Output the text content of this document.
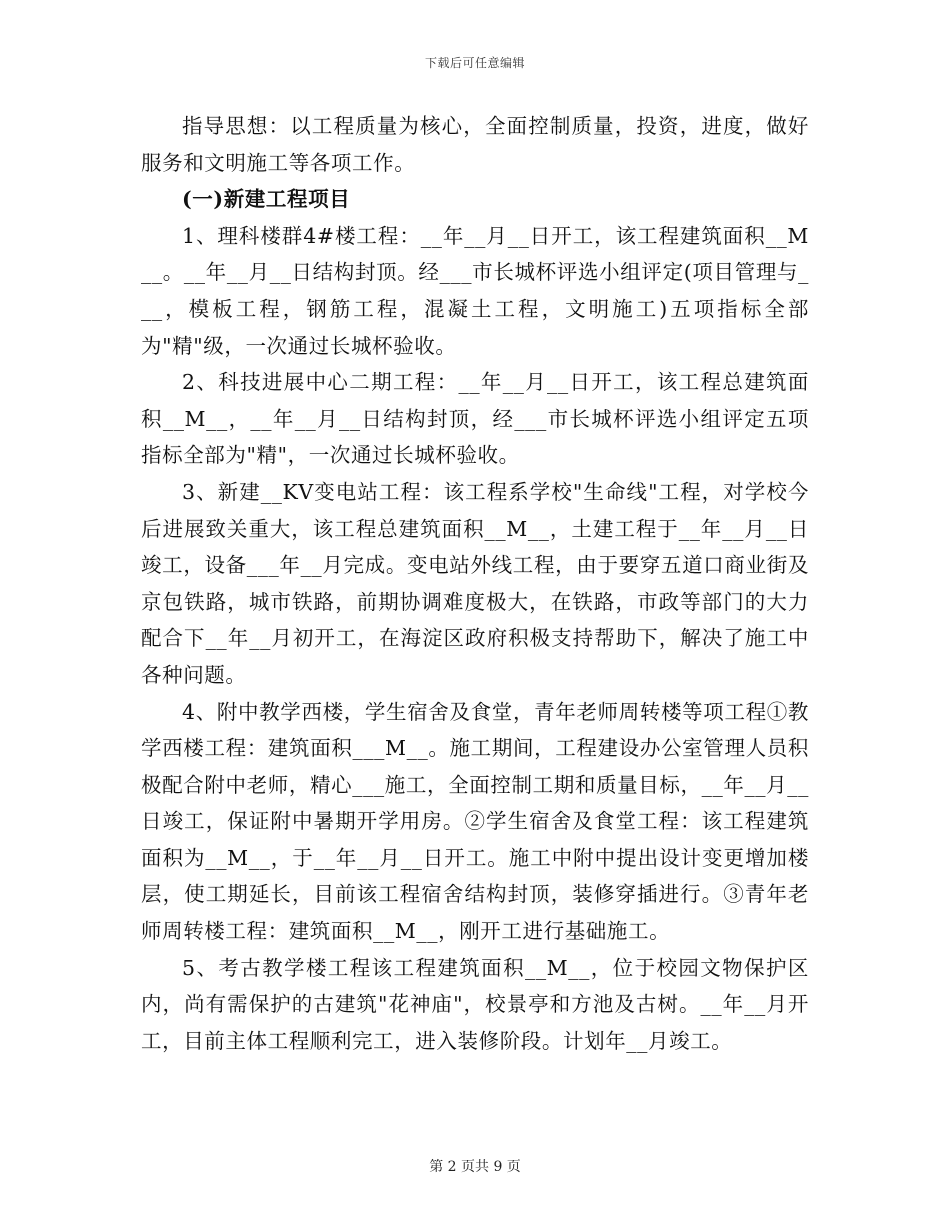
下载后可任意编辑

指导思想：以工程质量为核心，全面控制质量，投资，进度，做好服务和文明施工等各项工作。

(一)新建工程项目

1、理科楼群4#楼工程：__年__月__日开工，该工程建筑面积__M__。__年__月__日结构封顶。经___市长城杯评选小组评定(项目管理与___，模板工程，钢筋工程，混凝土工程，文明施工)五项指标全部为"精"级，一次通过长城杯验收。

2、科技进展中心二期工程：__年__月__日开工，该工程总建筑面积__M__，__年__月__日结构封顶，经___市长城杯评选小组评定五项指标全部为"精"，一次通过长城杯验收。

3、新建__KV变电站工程：该工程系学校"生命线"工程，对学校今后进展致关重大，该工程总建筑面积__M__，土建工程于__年__月__日竣工，设备___年__月完成。变电站外线工程，由于要穿五道口商业街及京包铁路，城市铁路，前期协调难度极大，在铁路，市政等部门的大力配合下__年__月初开工，在海淀区政府积极支持帮助下，解决了施工中各种问题。

4、附中教学西楼，学生宿舍及食堂，青年老师周转楼等项工程①教学西楼工程：建筑面积___M__。施工期间，工程建设办公室管理人员积极配合附中老师，精心___施工，全面控制工期和质量目标，__年__月__日竣工，保证附中暑期开学用房。②学生宿舍及食堂工程：该工程建筑面积为__M__，于__年__月__日开工。施工中附中提出设计变更增加楼层，使工期延长，目前该工程宿舍结构封顶，装修穿插进行。③青年老师周转楼工程：建筑面积__M__，刚开工进行基础施工。

5、考古教学楼工程该工程建筑面积__M__，位于校园文物保护区内，尚有需保护的古建筑"花神庙"，校景亭和方池及古树。__年__月开工，目前主体工程顺利完工，进入装修阶段。计划年__月竣工。

第 2 页共 9 页
